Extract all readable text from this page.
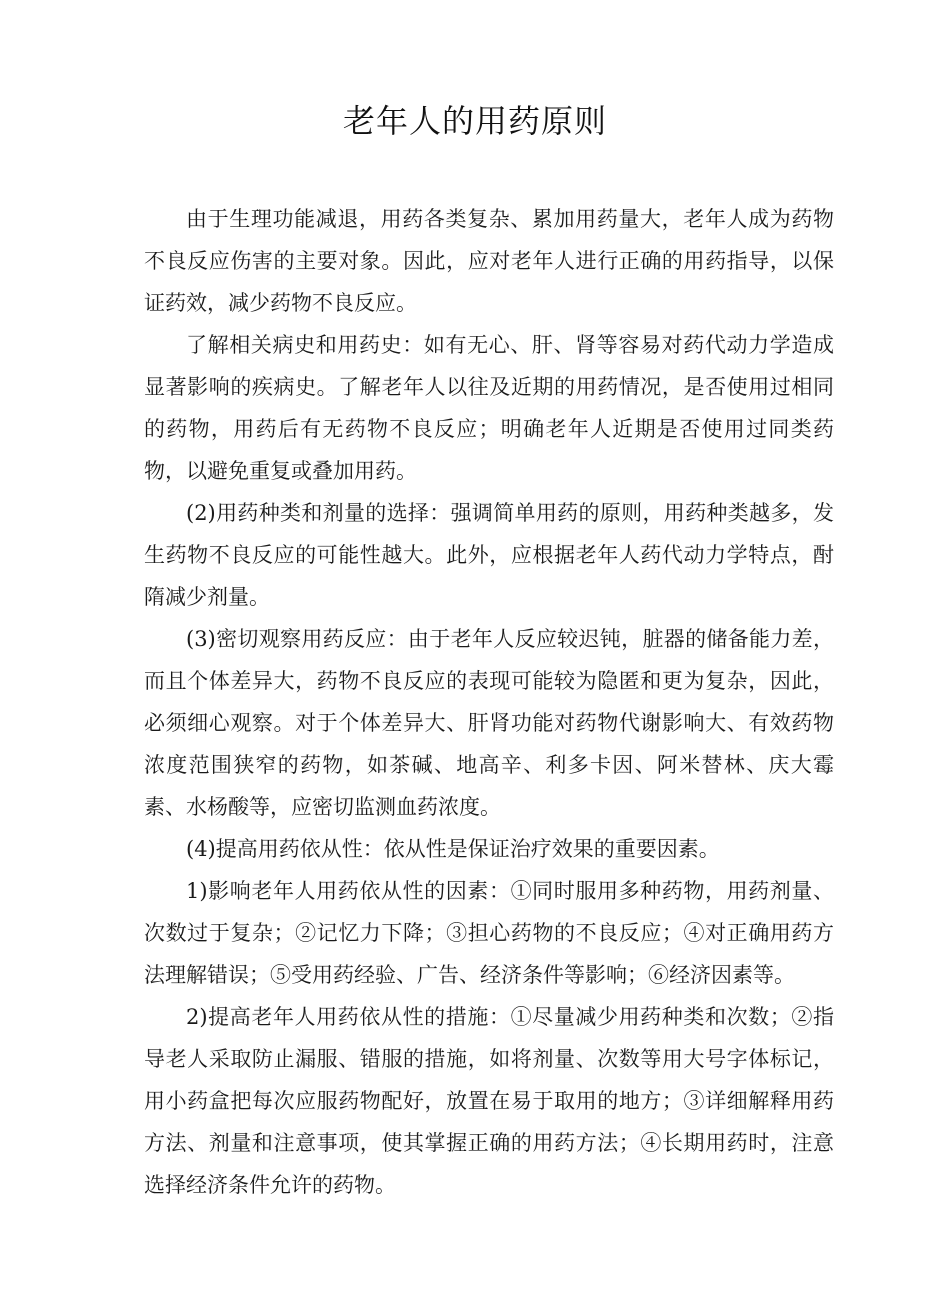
老年人的用药原则

由于生理功能减退，用药各类复杂、累加用药量大，老年人成为药物不良反应伤害的主要对象。因此，应对老年人进行正确的用药指导，以保证药效，减少药物不良反应。

了解相关病史和用药史：如有无心、肝、肾等容易对药代动力学造成显著影响的疾病史。了解老年人以往及近期的用药情况，是否使用过相同的药物，用药后有无药物不良反应；明确老年人近期是否使用过同类药物，以避免重复或叠加用药。

(2)用药种类和剂量的选择：强调简单用药的原则，用药种类越多，发生药物不良反应的可能性越大。此外，应根据老年人药代动力学特点，酎隋减少剂量。

(3)密切观察用药反应：由于老年人反应较迟钝，脏器的储备能力差，而且个体差异大，药物不良反应的表现可能较为隐匿和更为复杂，因此，必须细心观察。对于个体差异大、肝肾功能对药物代谢影响大、有效药物浓度范围狭窄的药物，如茶碱、地高辛、利多卡因、阿米替林、庆大霉素、水杨酸等，应密切监测血药浓度。

(4)提高用药依从性：依从性是保证治疗效果的重要因素。

1)影响老年人用药依从性的因素：①同时服用多种药物，用药剂量、次数过于复杂；②记忆力下降；③担心药物的不良反应；④对正确用药方法理解错误；⑤受用药经验、广告、经济条件等影响；⑥经济因素等。

2)提高老年人用药依从性的措施：①尽量减少用药种类和次数；②指导老人采取防止漏服、错服的措施，如将剂量、次数等用大号字体标记，用小药盒把每次应服药物配好，放置在易于取用的地方；③详细解释用药方法、剂量和注意事项，使其掌握正确的用药方法；④长期用药时，注意选择经济条件允许的药物。
